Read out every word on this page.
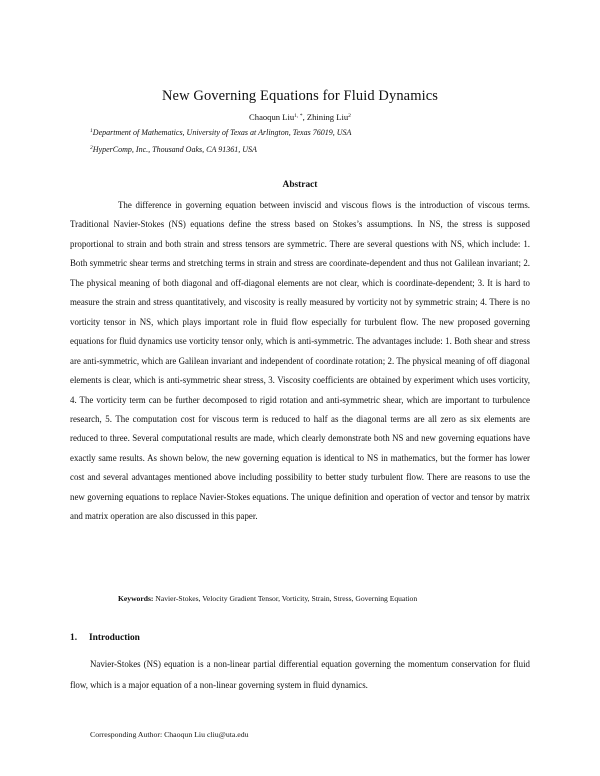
New Governing Equations for Fluid Dynamics
Chaoqun Liu$^{1, *}$, Zhining Liu$^2$
$^1$Department of Mathematics, University of Texas at Arlington, Texas 76019, USA
$^2$HyperComp, Inc., Thousand Oaks, CA 91361, USA
Abstract

The difference in governing equation between inviscid and viscous flows is the introduction of viscous terms. Traditional Navier-Stokes (NS) equations define the stress based on Stokes’s assumptions. In NS, the stress is supposed proportional to strain and both strain and stress tensors are symmetric. There are several questions with NS, which include: 1. Both symmetric shear terms and stretching terms in strain and stress are coordinate-dependent and thus not Galilean invariant; 2. The physical meaning of both diagonal and off-diagonal elements are not clear, which is coordinate-dependent; 3. It is hard to measure the strain and stress quantitatively, and viscosity is really measured by vorticity not by symmetric strain; 4. There is no vorticity tensor in NS, which plays important role in fluid flow especially for turbulent flow. The new proposed governing equations for fluid dynamics use vorticity tensor only, which is anti-symmetric. The advantages include: 1. Both shear and stress are anti-symmetric, which are Galilean invariant and independent of coordinate rotation; 2. The physical meaning of off diagonal elements is clear, which is anti-symmetric shear stress, 3. Viscosity coefficients are obtained by experiment which uses vorticity, 4. The vorticity term can be further decomposed to rigid rotation and anti-symmetric shear, which are important to turbulence research, 5. The computation cost for viscous term is reduced to half as the diagonal terms are all zero as six elements are reduced to three. Several computational results are made, which clearly demonstrate both NS and new governing equations have exactly same results. As shown below, the new governing equation is identical to NS in mathematics, but the former has lower cost and several advantages mentioned above including possibility to better study turbulent flow. There are reasons to use the new governing equations to replace Navier-Stokes equations. The unique definition and operation of vector and tensor by matrix and matrix operation are also discussed in this paper.

Keywords: Navier-Stokes, Velocity Gradient Tensor, Vorticity, Strain, Stress, Governing Equation
1. Introduction

Navier-Stokes (NS) equation is a non-linear partial differential equation governing the momentum conservation for fluid flow, which is a major equation of a non-linear governing system in fluid dynamics.

Corresponding Author: Chaoqun Liu cliu@uta.edu
